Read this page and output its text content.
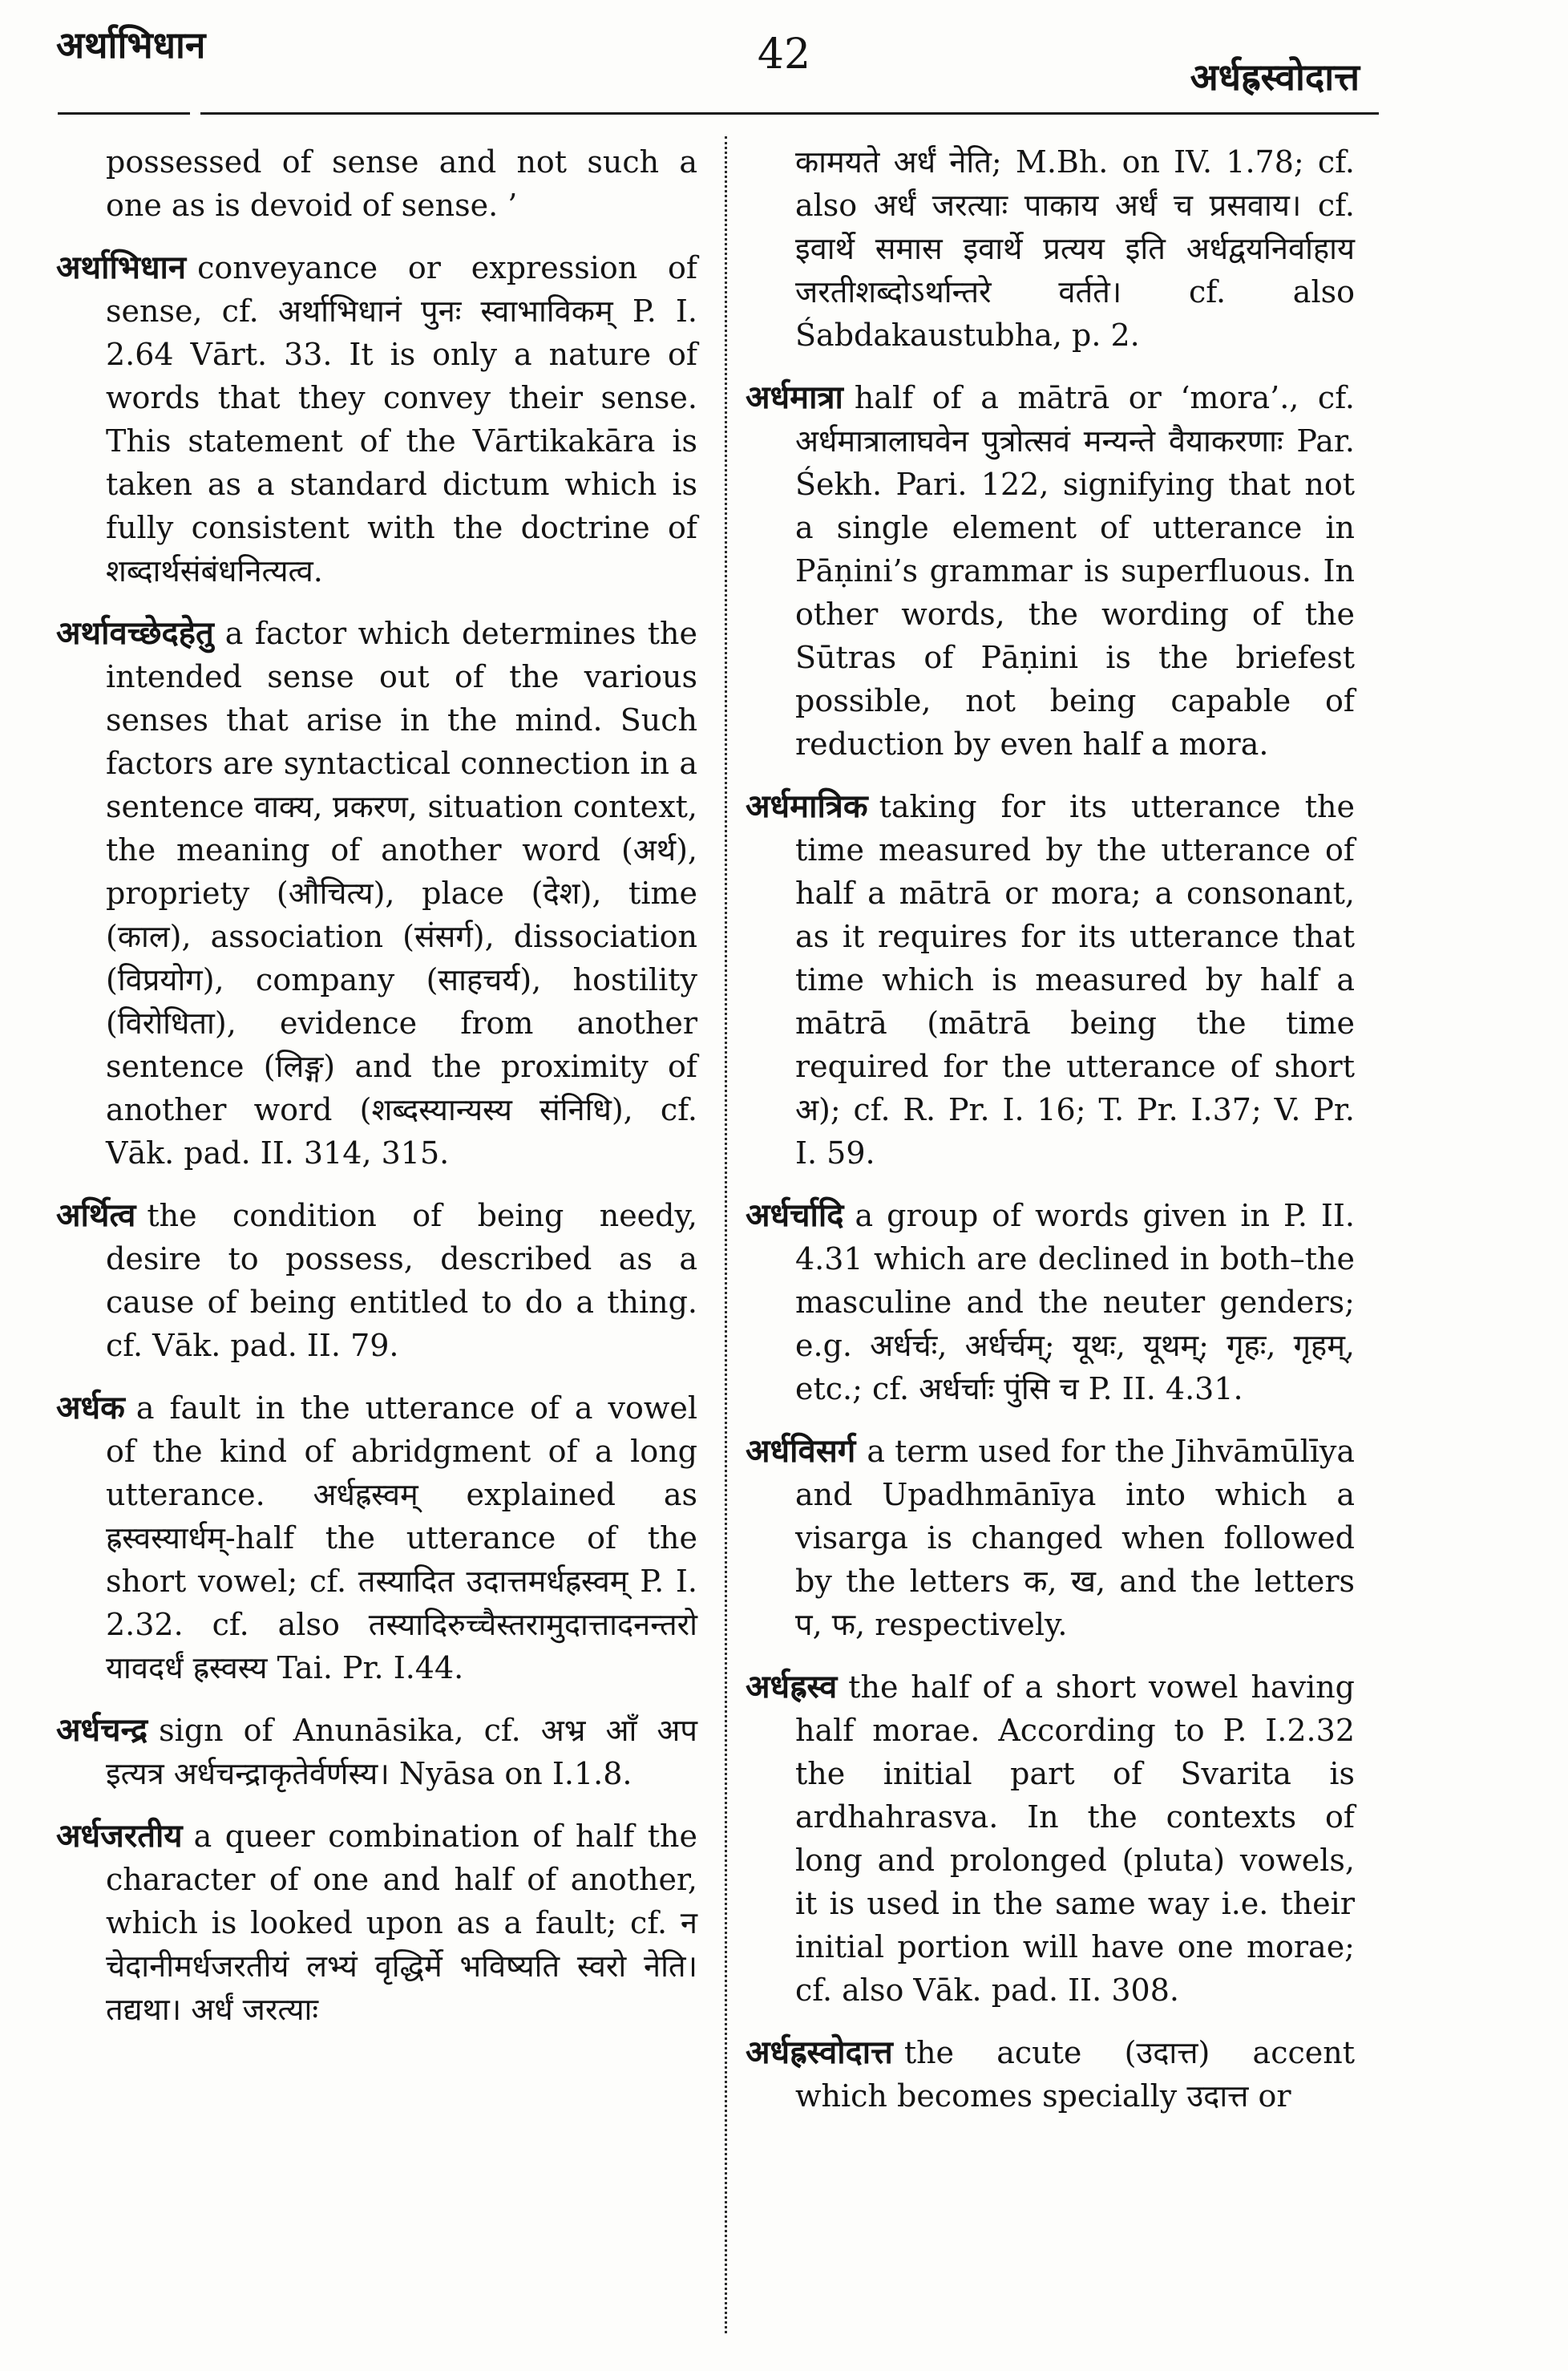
अर्थाभिधान	42	अर्धह्रस्वोदात्त

possessed of sense and not such a one as is devoid of sense. ’

अर्थाभिधान conveyance or expression of sense, cf. अर्थाभिधानं पुनः स्वाभाविकम् P. I. 2.64 Vārt. 33. It is only a nature of words that they convey their sense. This statement of the Vārtikakāra is taken as a standard dictum which is fully consistent with the doctrine of शब्दार्थसंबंधनित्यत्व.

अर्थावच्छेदहेतु a factor which determines the intended sense out of the various senses that arise in the mind. Such factors are syntactical connection in a sentence वाक्य, प्रकरण, situation context, the meaning of another word (अर्थ), propriety (औचित्य), place (देश), time (काल), association (संसर्ग), dissociation (विप्रयोग), company (साहचर्य), hostility (विरोधिता), evidence from another sentence (लिङ्ग) and the proximity of another word (शब्दस्यान्यस्य संनिधि), cf. Vāk. pad. II. 314, 315.

अर्थित्व the condition of being needy, desire to possess, described as a cause of being entitled to do a thing. cf. Vāk. pad. II. 79.

अर्धक a fault in the utterance of a vowel of the kind of abridgment of a long utterance. अर्धह्रस्वम् explained as ह्रस्वस्यार्धम्-half the utterance of the short vowel; cf. तस्यादित उदात्तमर्धह्रस्वम् P. I. 2.32. cf. also तस्यादिरुच्चैस्तरामुदात्तादनन्तरो यावदर्धं ह्रस्वस्य Tai. Pr. I.44.

अर्धचन्द्र sign of Anunāsika, cf. अभ्र आँ अप इत्यत्र अर्धचन्द्राकृतेर्वर्णस्य। Nyāsa on I.1.8.

अर्धजरतीय a queer combination of half the character of one and half of another, which is looked upon as a fault; cf. न चेदानीमर्धजरतीयं लभ्यं वृद्धिर्मे भविष्यति स्वरो नेति। तद्यथा। अर्धं जरत्याः

कामयते अर्धं नेति; M.Bh. on IV. 1.78; cf. also अर्धं जरत्याः पाकाय अर्धं च प्रसवाय। cf. इवार्थे समास इवार्थे प्रत्यय इति अर्धद्वयनिर्वाहाय जरतीशब्दोऽर्थान्तरे वर्तते। cf. also Śabdakaustubha, p. 2.

अर्धमात्रा half of a mātrā or ‘mora’., cf. अर्धमात्रालाघवेन पुत्रोत्सवं मन्यन्ते वैयाकरणाः Par. Śekh. Pari. 122, signifying that not a single element of utterance in Pāṇini’s grammar is superfluous. In other words, the wording of the Sūtras of Pāṇini is the briefest possible, not being capable of reduction by even half a mora.

अर्धमात्रिक taking for its utterance the time measured by the utterance of half a mātrā or mora; a consonant, as it requires for its utterance that time which is measured by half a mātrā (mātrā being the time required for the utterance of short अ); cf. R. Pr. I. 16; T. Pr. I.37; V. Pr. I. 59.

अर्धर्चादि a group of words given in P. II. 4.31 which are declined in both–the masculine and the neuter genders; e.g. अर्धर्चः, अर्धर्चम्; यूथः, यूथम्; गृहः, गृहम्, etc.; cf. अर्धर्चाः पुंसि च P. II. 4.31.

अर्धविसर्ग a term used for the Jihvāmūlīya and Upadhmānīya into which a visarga is changed when followed by the letters क, ख, and the letters प, फ, respectively.

अर्धह्रस्व the half of a short vowel having half morae. According to P. I.2.32 the initial part of Svarita is ardhahrasva. In the contexts of long and prolonged (pluta) vowels, it is used in the same way i.e. their initial portion will have one morae; cf. also Vāk. pad. II. 308.

अर्धह्रस्वोदात्त the acute (उदात्त) accent which becomes specially उदात्त or
